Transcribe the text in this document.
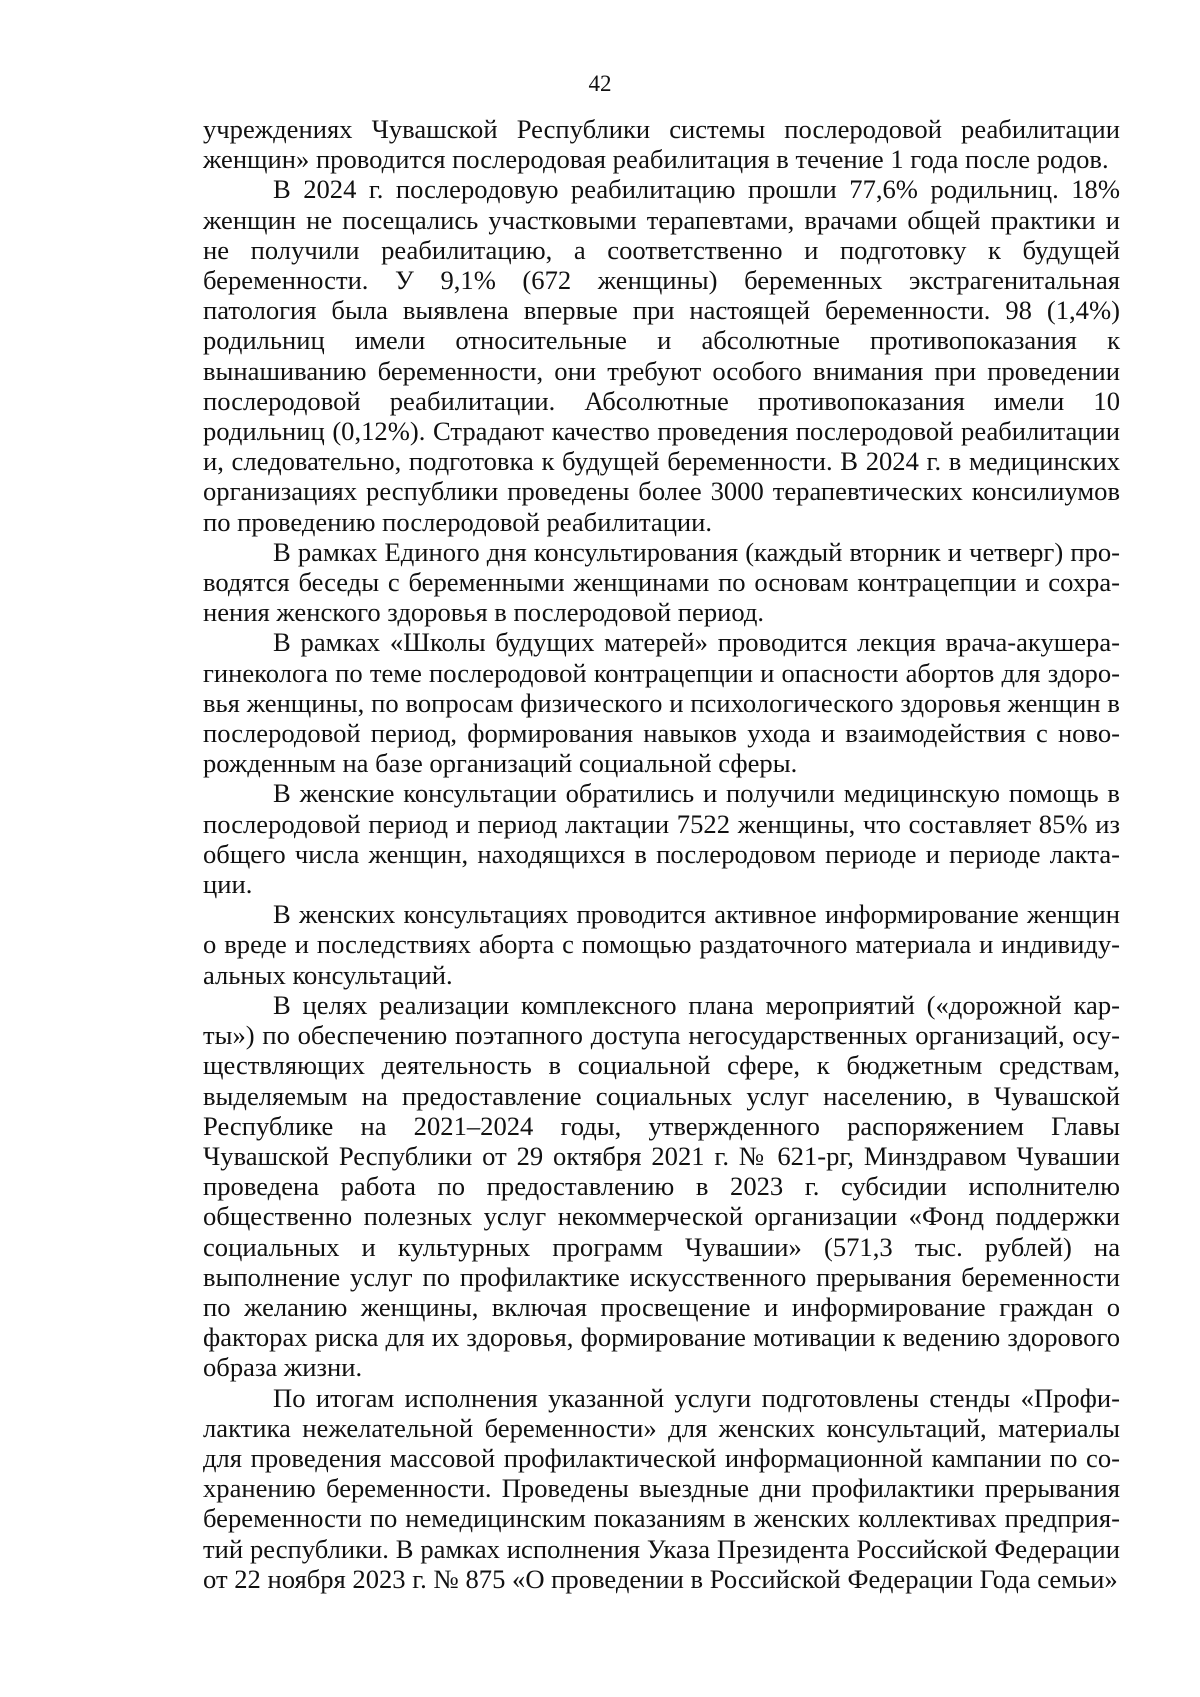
42

учреждениях Чувашской Республики системы послеродовой реабилитации женщин» проводится послеродовая реабилитация в течение 1 года после родов.

В 2024 г. послеродовую реабилитацию прошли 77,6% родильниц. 18% женщин не посещались участковыми терапевтами, врачами общей практики и не получили реабилитацию, а соответственно и подготовку к будущей беременности. У 9,1% (672 женщины) беременных экстрагенитальная патология была выявлена впервые при настоящей беременности. 98 (1,4%) родильниц имели относительные и абсолютные противопоказания к вынашиванию беременности, они требуют особого внимания при проведении послеродовой реабилитации. Абсолютные противопоказания имели 10 родильниц (0,12%). Страдают качество проведения послеродовой реабилитации и, следовательно, подготовка к будущей беременности. В 2024 г. в медицинских организациях республики проведены более 3000 терапевтических консилиумов по проведению послеродовой реабилитации.

В рамках Единого дня консультирования (каждый вторник и четверг) проводятся беседы с беременными женщинами по основам контрацепции и сохранения женского здоровья в послеродовой период.

В рамках «Школы будущих матерей» проводится лекция врача-акушера-гинеколога по теме послеродовой контрацепции и опасности абортов для здоровья женщины, по вопросам физического и психологического здоровья женщин в послеродовой период, формирования навыков ухода и взаимодействия с новорожденным на базе организаций социальной сферы.

В женские консультации обратились и получили медицинскую помощь в послеродовой период и период лактации 7522 женщины, что составляет 85% из общего числа женщин, находящихся в послеродовом периоде и периоде лактации.

В женских консультациях проводится активное информирование женщин о вреде и последствиях аборта с помощью раздаточного материала и индивидуальных консультаций.

В целях реализации комплексного плана мероприятий («дорожной карты») по обеспечению поэтапного доступа негосударственных организаций, осуществляющих деятельность в социальной сфере, к бюджетным средствам, выделяемым на предоставление социальных услуг населению, в Чувашской Республике на 2021–2024 годы, утвержденного распоряжением Главы Чувашской Республики от 29 октября 2021 г. № 621-рг, Минздравом Чувашии проведена работа по предоставлению в 2023 г. субсидии исполнителю общественно полезных услуг некоммерческой организации «Фонд поддержки социальных и культурных программ Чувашии» (571,3 тыс. рублей) на выполнение услуг по профилактике искусственного прерывания беременности по желанию женщины, включая просвещение и информирование граждан о факторах риска для их здоровья, формирование мотивации к ведению здорового образа жизни.

По итогам исполнения указанной услуги подготовлены стенды «Профилактика нежелательной беременности» для женских консультаций, материалы для проведения массовой профилактической информационной кампании по сохранению беременности. Проведены выездные дни профилактики прерывания беременности по немедицинским показаниям в женских коллективах предприятий республики. В рамках исполнения Указа Президента Российской Федерации от 22 ноября 2023 г. № 875 «О проведении в Российской Федерации Года семьи»
